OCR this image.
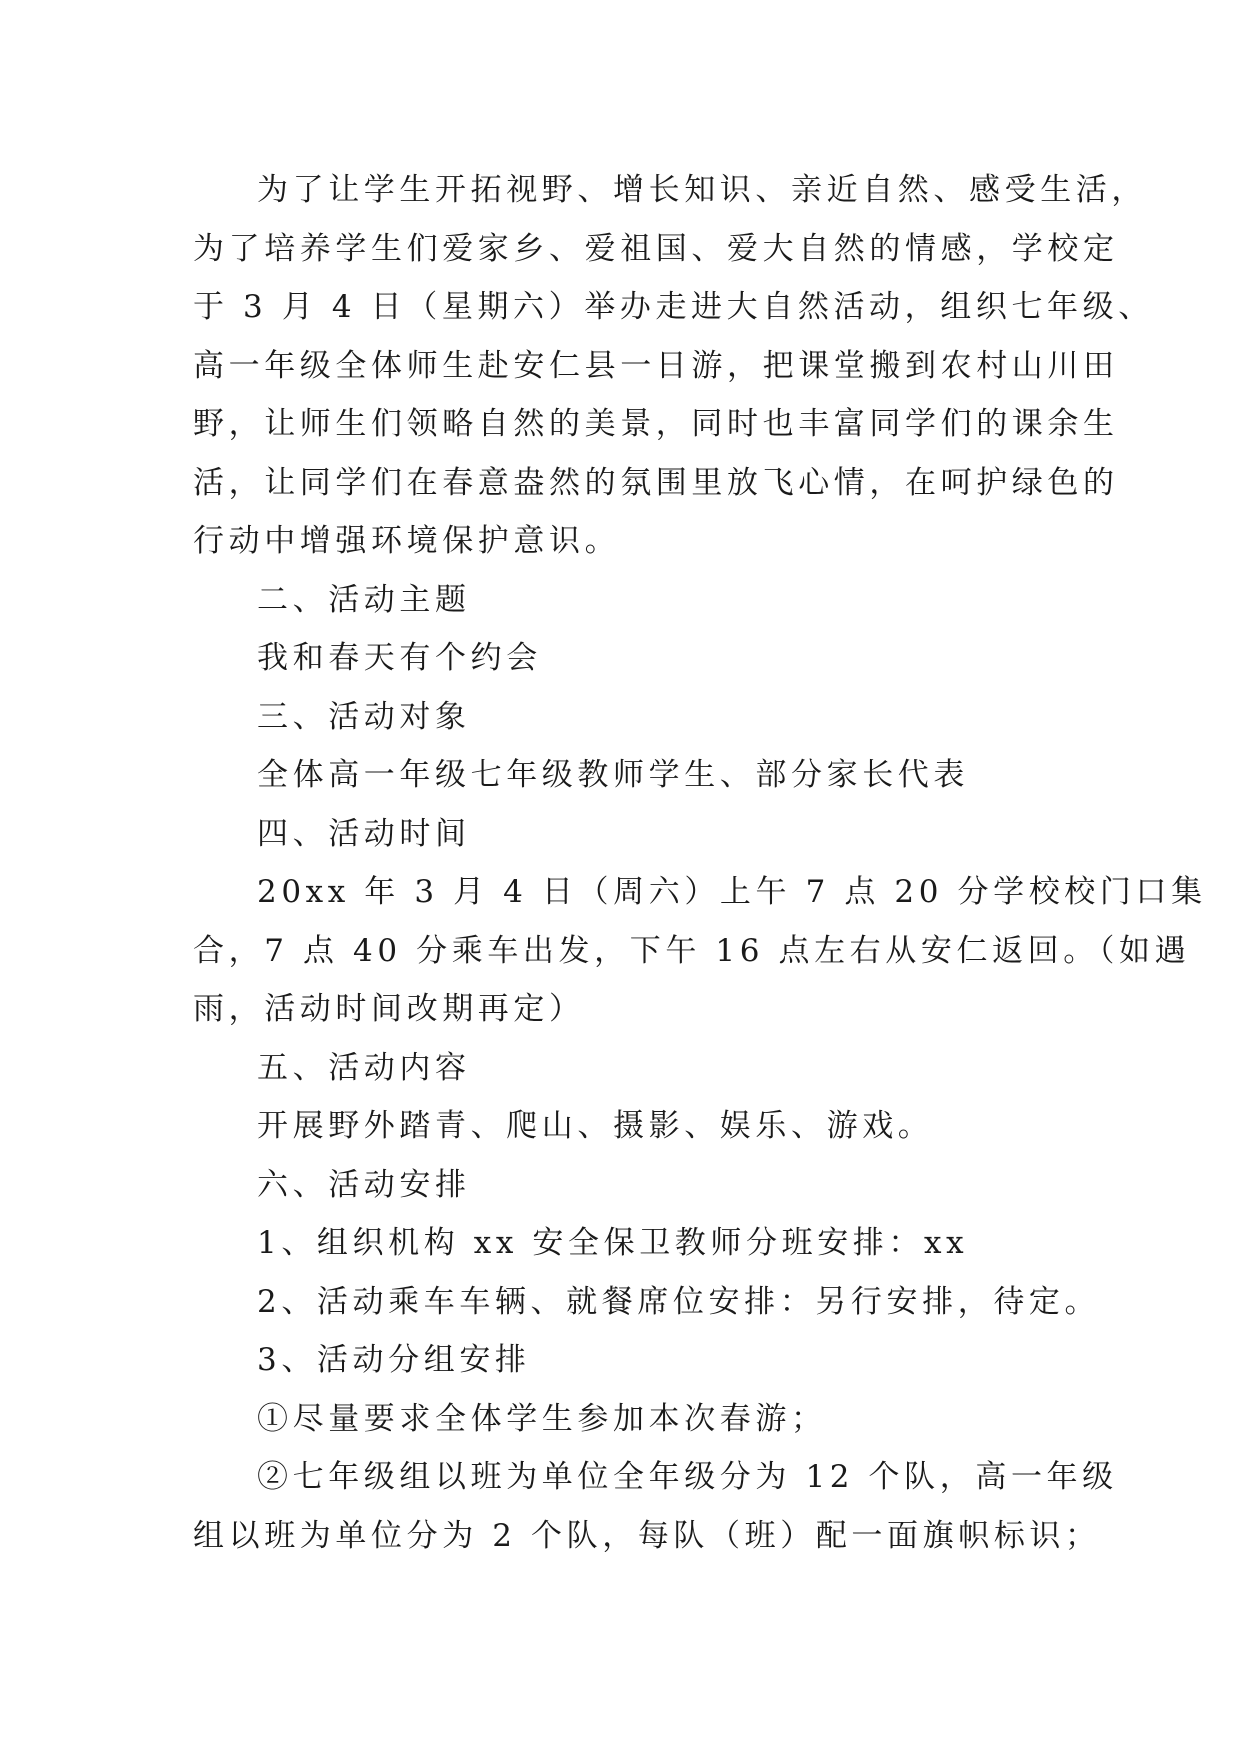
为了让学生开拓视野、增长知识、亲近自然、感受生活，
为了培养学生们爱家乡、爱祖国、爱大自然的情感，学校定
于 3 月 4 日（星期六）举办走进大自然活动，组织七年级、
高一年级全体师生赴安仁县一日游，把课堂搬到农村山川田
野，让师生们领略自然的美景，同时也丰富同学们的课余生
活，让同学们在春意盎然的氛围里放飞心情，在呵护绿色的
行动中增强环境保护意识。

二、活动主题

我和春天有个约会

三、活动对象

全体高一年级七年级教师学生、部分家长代表

四、活动时间

20xx 年 3 月 4 日（周六）上午 7 点 20 分学校校门口集
合，7 点 40 分乘车出发，下午 16 点左右从安仁返回。（如遇
雨，活动时间改期再定）

五、活动内容

开展野外踏青、爬山、摄影、娱乐、游戏。

六、活动安排

1、组织机构 xx 安全保卫教师分班安排：xx

2、活动乘车车辆、就餐席位安排：另行安排，待定。

3、活动分组安排

①尽量要求全体学生参加本次春游；

②七年级组以班为单位全年级分为 12 个队，高一年级
组以班为单位分为 2 个队，每队（班）配一面旗帜标识；
